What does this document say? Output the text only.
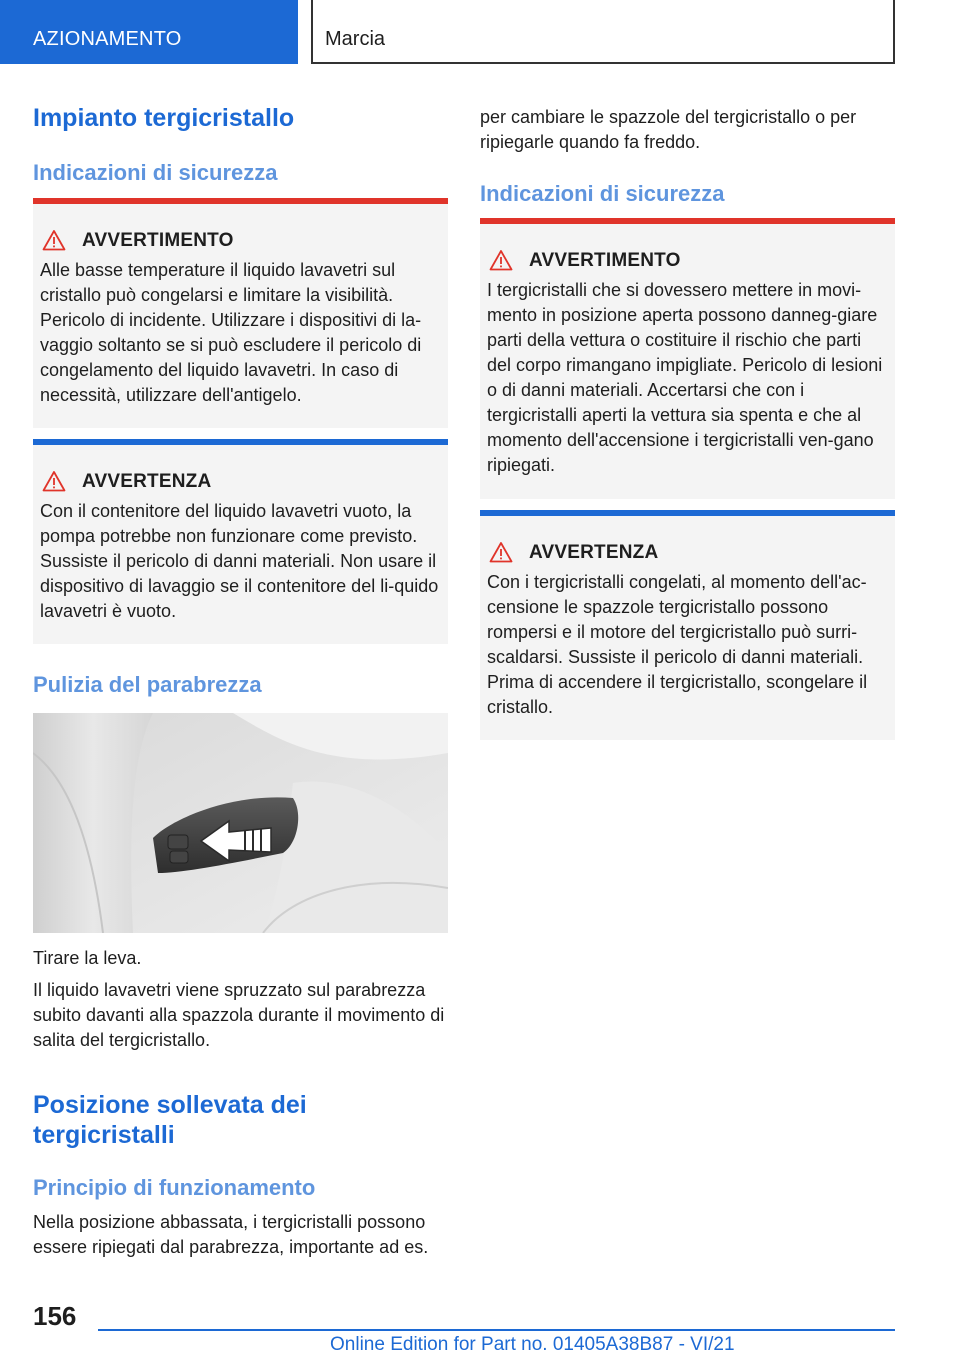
AZIONAMENTO	Marcia
Impianto tergicristallo
Indicazioni di sicurezza
AVVERTIMENTO
Alle basse temperature il liquido lavavetri sul cristallo può congelarsi e limitare la visibilità. Pericolo di incidente. Utilizzare i dispositivi di la-vaggio soltanto se si può escludere il pericolo di congelamento del liquido lavavetri. In caso di necessità, utilizzare dell'antigelo.
AVVERTENZA
Con il contenitore del liquido lavavetri vuoto, la pompa potrebbe non funzionare come previsto. Sussiste il pericolo di danni materiali. Non usare il dispositivo di lavaggio se il contenitore del li-quido lavavetri è vuoto.
Pulizia del parabrezza
Tirare la leva.
Il liquido lavavetri viene spruzzato sul parabrezza subito davanti alla spazzola durante il movimento di salita del tergicristallo.
Posizione sollevata dei tergicristalli
Principio di funzionamento
Nella posizione abbassata, i tergicristalli possono essere ripiegati dal parabrezza, importante ad es.
per cambiare le spazzole del tergicristallo o per ripiegarle quando fa freddo.
Indicazioni di sicurezza
AVVERTIMENTO
I tergicristalli che si dovessero mettere in movi-mento in posizione aperta possono danneg-giare parti della vettura o costituire il rischio che parti del corpo rimangano impigliate. Pericolo di lesioni o di danni materiali. Accertarsi che con i tergicristalli aperti la vettura sia spenta e che al momento dell'accensione i tergicristalli ven-gano ripiegati.
AVVERTENZA
Con i tergicristalli congelati, al momento dell'ac-censione le spazzole tergicristallo possono rompersi e il motore del tergicristallo può surri-scaldarsi. Sussiste il pericolo di danni materiali. Prima di accendere il tergicristallo, scongelare il cristallo.
156
Online Edition for Part no. 01405A38B87 - VI/21
